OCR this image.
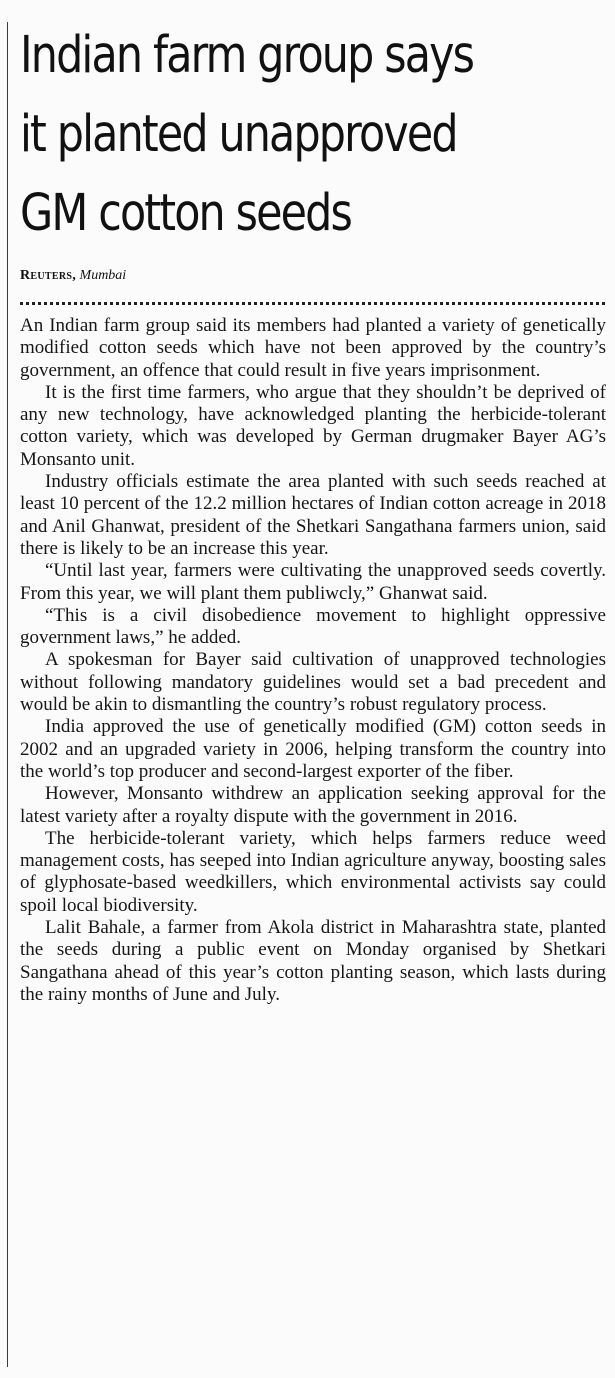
Indian farm group says
it planted unapproved
GM cotton seeds
Reuters, Mumbai

An Indian farm group said its members had planted a variety of genetically modified cotton seeds which have not been approved by the country’s government, an offence that could result in five years imprisonment.

It is the first time farmers, who argue that they shouldn’t be deprived of any new technology, have acknowledged planting the herbicide-tolerant cotton variety, which was developed by German drugmaker Bayer AG’s Monsanto unit.

Industry officials estimate the area planted with such seeds reached at least 10 percent of the 12.2 million hectares of Indian cotton acreage in 2018 and Anil Ghanwat, president of the Shetkari Sangathana farmers union, said there is likely to be an increase this year.

“Until last year, farmers were cultivating the unapproved seeds covertly. From this year, we will plant them publiwcly,” Ghanwat said.

“This is a civil disobedience movement to highlight oppressive government laws,” he added.

A spokesman for Bayer said cultivation of unapproved technologies without following mandatory guidelines would set a bad precedent and would be akin to dismantling the country’s robust regulatory process.

India approved the use of genetically modified (GM) cotton seeds in 2002 and an upgraded variety in 2006, helping transform the country into the world’s top producer and second-largest exporter of the fiber.

However, Monsanto withdrew an application seeking approval for the latest variety after a royalty dispute with the government in 2016.

The herbicide-tolerant variety, which helps farmers reduce weed management costs, has seeped into Indian agriculture anyway, boosting sales of glyphosate-based weedkillers, which environmental activists say could spoil local biodiversity.

Lalit Bahale, a farmer from Akola district in Maharashtra state, planted the seeds during a public event on Monday organised by Shetkari Sangathana ahead of this year’s cotton planting season, which lasts during the rainy months of June and July.
